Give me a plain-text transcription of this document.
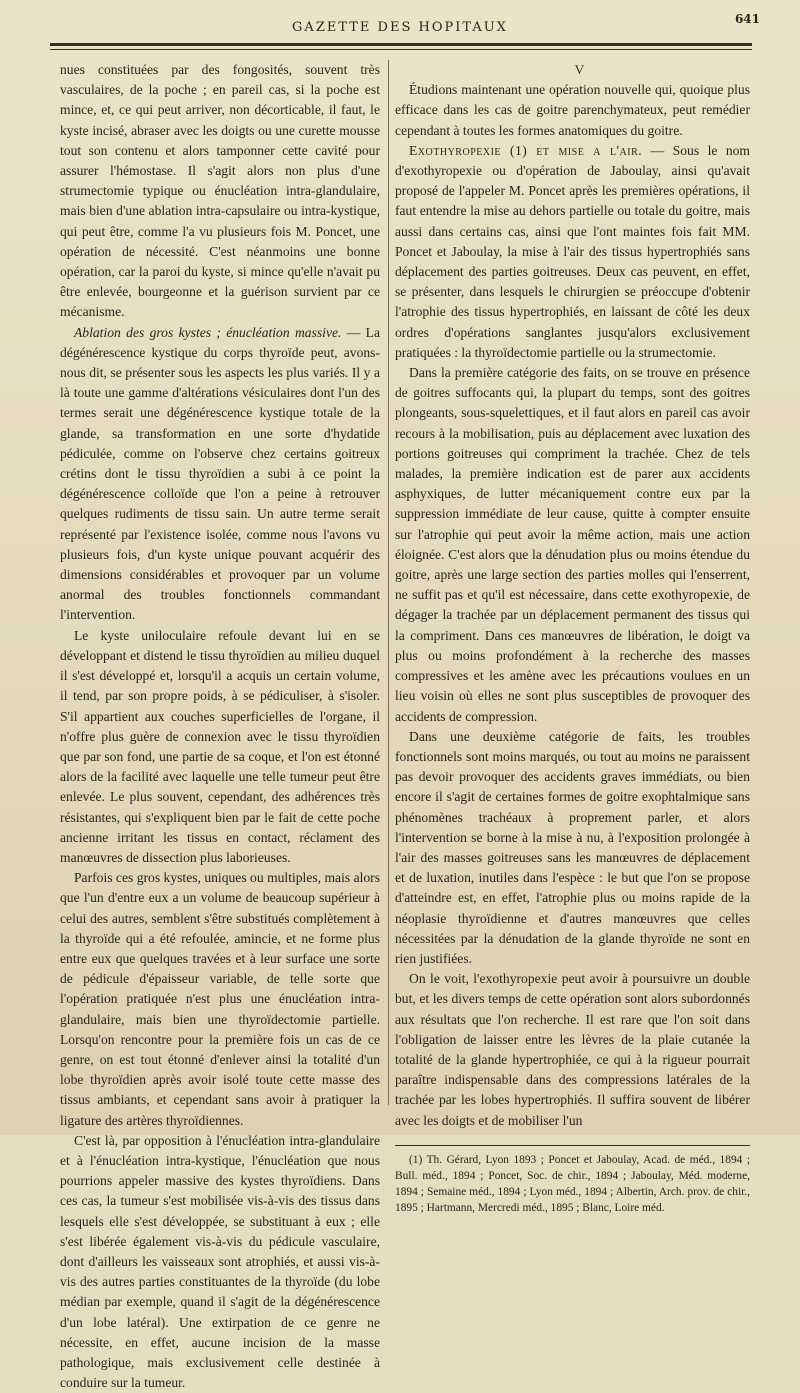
GAZETTE DES HOPITAUX
641

nues constituées par des fongosités, souvent très vasculaires, de la poche ; en pareil cas, si la poche est mince, et, ce qui peut arriver, non décorticable, il faut, le kyste incisé, abraser avec les doigts ou une curette mousse tout son contenu et alors tamponner cette cavité pour assurer l'hémostase. Il s'agit alors non plus d'une strumectomie typique ou énucléation intra-glandulaire, mais bien d'une ablation intra-capsulaire ou intra-kystique, qui peut être, comme l'a vu plusieurs fois M. Poncet, une opération de nécessité. C'est néanmoins une bonne opération, car la paroi du kyste, si mince qu'elle n'avait pu être enlevée, bourgeonne et la guérison survient par ce mécanisme.

Ablation des gros kystes ; énucléation massive. — La dégénérescence kystique du corps thyroïde peut, avons-nous dit, se présenter sous les aspects les plus variés. Il y a là toute une gamme d'altérations vésiculaires dont l'un des termes serait une dégénérescence kystique totale de la glande, sa transformation en une sorte d'hydatide pédiculée, comme on l'observe chez certains goitreux crétins dont le tissu thyroïdien a subi à ce point la dégénérescence colloïde que l'on a peine à retrouver quelques rudiments de tissu sain. Un autre terme serait représenté par l'existence isolée, comme nous l'avons vu plusieurs fois, d'un kyste unique pouvant acquérir des dimensions considérables et provoquer par un volume anormal des troubles fonctionnels commandant l'intervention.

Le kyste uniloculaire refoule devant lui en se développant et distend le tissu thyroïdien au milieu duquel il s'est développé et, lorsqu'il a acquis un certain volume, il tend, par son propre poids, à se pédiculiser, à s'isoler. S'il appartient aux couches superficielles de l'organe, il n'offre plus guère de connexion avec le tissu thyroïdien que par son fond, une partie de sa coque, et l'on est étonné alors de la facilité avec laquelle une telle tumeur peut être enlevée. Le plus souvent, cependant, des adhérences très résistantes, qui s'expliquent bien par le fait de cette poche ancienne irritant les tissus en contact, réclament des manœuvres de dissection plus laborieuses.

Parfois ces gros kystes, uniques ou multiples, mais alors que l'un d'entre eux a un volume de beaucoup supérieur à celui des autres, semblent s'être substitués complètement à la thyroïde qui a été refoulée, amincie, et ne forme plus entre eux que quelques travées et à leur surface une sorte de pédicule d'épaisseur variable, de telle sorte que l'opération pratiquée n'est plus une énucléation intra-glandulaire, mais bien une thyroïdectomie partielle. Lorsqu'on rencontre pour la première fois un cas de ce genre, on est tout étonné d'enlever ainsi la totalité d'un lobe thyroïdien après avoir isolé toute cette masse des tissus ambiants, et cependant sans avoir à pratiquer la ligature des artères thyroïdiennes.

C'est là, par opposition à l'énucléation intra-glandulaire et à l'énucléation intra-kystique, l'énucléation que nous pourrions appeler massive des kystes thyroïdiens. Dans ces cas, la tumeur s'est mobilisée vis-à-vis des tissus dans lesquels elle s'est développée, se substituant à eux ; elle s'est libérée également vis-à-vis du pédicule vasculaire, dont d'ailleurs les vaisseaux sont atrophiés, et aussi vis-à-vis des autres parties constituantes de la thyroïde (du lobe médian par exemple, quand il s'agit de la dégénérescence d'un lobe latéral). Une extirpation de ce genre ne nécessite, en effet, aucune incision de la masse pathologique, mais exclusivement celle destinée à conduire sur la tumeur.

V

Étudions maintenant une opération nouvelle qui, quoique plus efficace dans les cas de goitre parenchymateux, peut remédier cependant à toutes les formes anatomiques du goitre.

Exothyropexie (1) et mise a l'air. — Sous le nom d'exothyropexie ou d'opération de Jaboulay, ainsi qu'avait proposé de l'appeler M. Poncet après les premières opérations, il faut entendre la mise au dehors partielle ou totale du goitre, mais aussi dans certains cas, ainsi que l'ont maintes fois fait MM. Poncet et Jaboulay, la mise à l'air des tissus hypertrophiés sans déplacement des parties goitreuses. Deux cas peuvent, en effet, se présenter, dans lesquels le chirurgien se préoccupe d'obtenir l'atrophie des tissus hypertrophiés, en laissant de côté les deux ordres d'opérations sanglantes jusqu'alors exclusivement pratiquées : la thyroïdectomie partielle ou la strumectomie.

Dans la première catégorie des faits, on se trouve en présence de goitres suffocants qui, la plupart du temps, sont des goitres plongeants, sous-squelettiques, et il faut alors en pareil cas avoir recours à la mobilisation, puis au déplacement avec luxation des portions goitreuses qui compriment la trachée. Chez de tels malades, la première indication est de parer aux accidents asphyxiques, de lutter mécaniquement contre eux par la suppression immédiate de leur cause, quitte à compter ensuite sur l'atrophie qui peut avoir la même action, mais une action éloignée. C'est alors que la dénudation plus ou moins étendue du goitre, après une large section des parties molles qui l'enserrent, ne suffit pas et qu'il est nécessaire, dans cette exothyropexie, de dégager la trachée par un déplacement permanent des tissus qui la compriment. Dans ces manœuvres de libération, le doigt va plus ou moins profondément à la recherche des masses compressives et les amène avec les précautions voulues en un lieu voisin où elles ne sont plus susceptibles de provoquer des accidents de compression.

Dans une deuxième catégorie de faits, les troubles fonctionnels sont moins marqués, ou tout au moins ne paraissent pas devoir provoquer des accidents graves immédiats, ou bien encore il s'agit de certaines formes de goitre exophtalmique sans phénomènes trachéaux à proprement parler, et alors l'intervention se borne à la mise à nu, à l'exposition prolongée à l'air des masses goitreuses sans les manœuvres de déplacement et de luxation, inutiles dans l'espèce : le but que l'on se propose d'atteindre est, en effet, l'atrophie plus ou moins rapide de la néoplasie thyroïdienne et d'autres manœuvres que celles nécessitées par la dénudation de la glande thyroïde ne sont en rien justifiées.

On le voit, l'exothyropexie peut avoir à poursuivre un double but, et les divers temps de cette opération sont alors subordonnés aux résultats que l'on recherche. Il est rare que l'on soit dans l'obligation de laisser entre les lèvres de la plaie cutanée la totalité de la glande hypertrophiée, ce qui à la rigueur pourrait paraître indispensable dans des compressions latérales de la trachée par les lobes hypertrophiés. Il suffira souvent de libérer avec les doigts et de mobiliser l'un

(1) Th. Gérard, Lyon 1893 ; Poncet et Jaboulay, Acad. de méd., 1894 ; Bull. méd., 1894 ; Poncet, Soc. de chir., 1894 ; Jaboulay, Méd. moderne, 1894 ; Semaine méd., 1894 ; Lyon méd., 1894 ; Albertin, Arch. prov. de chir., 1895 ; Hartmann, Mercredi méd., 1895 ; Blanc, Loire méd.
